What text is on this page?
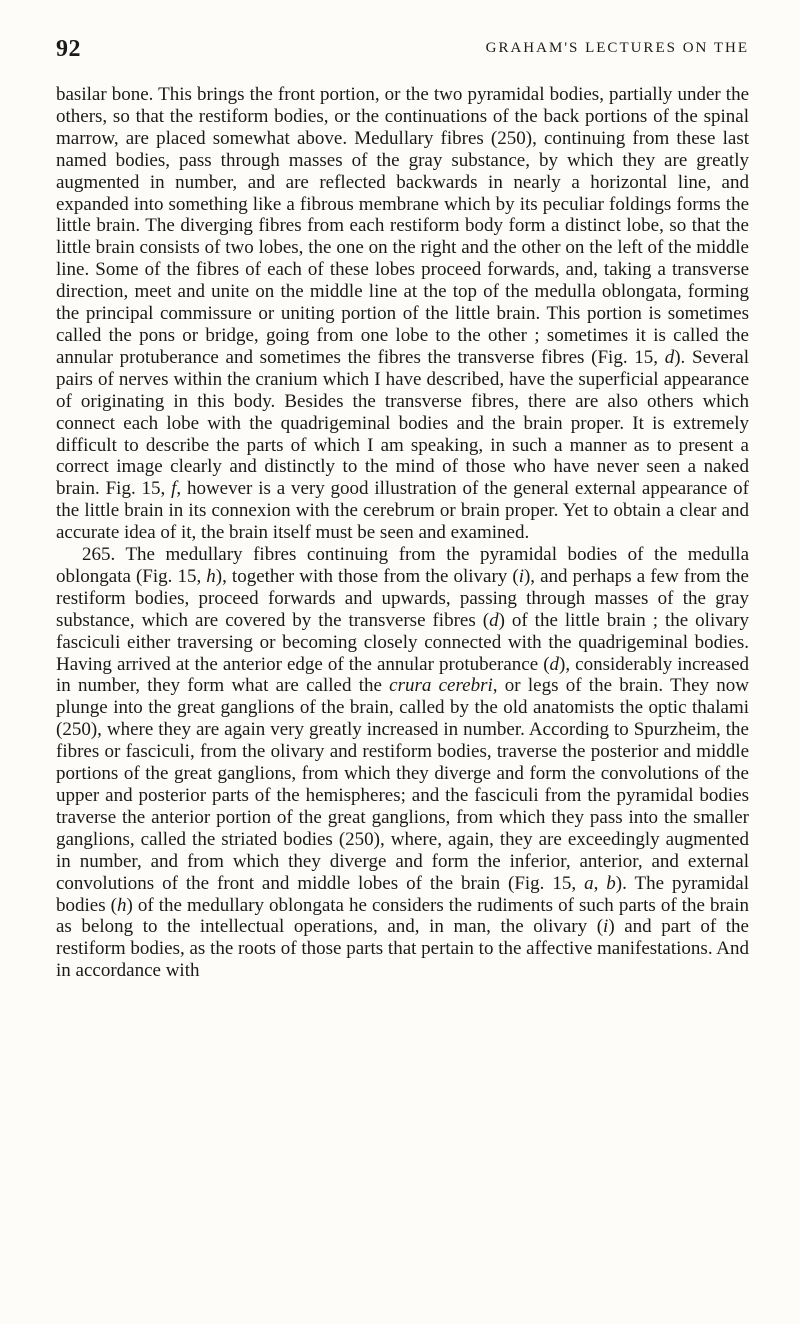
92	GRAHAM'S LECTURES ON THE

basilar bone. This brings the front portion, or the two pyramidal bodies, partially under the others, so that the restiform bodies, or the continuations of the back portions of the spinal marrow, are placed somewhat above. Medullary fibres (250), continuing from these last named bodies, pass through masses of the gray substance, by which they are greatly augmented in number, and are reflected backwards in nearly a horizontal line, and expanded into something like a fibrous membrane which by its peculiar foldings forms the little brain. The diverging fibres from each restiform body form a distinct lobe, so that the little brain consists of two lobes, the one on the right and the other on the left of the middle line. Some of the fibres of each of these lobes proceed forwards, and, taking a transverse direction, meet and unite on the middle line at the top of the medulla oblongata, forming the principal commissure or uniting portion of the little brain. This portion is sometimes called the pons or bridge, going from one lobe to the other ; sometimes it is called the annular protuberance and sometimes the fibres the transverse fibres (Fig. 15, d). Several pairs of nerves within the cranium which I have described, have the superficial appearance of originating in this body. Besides the transverse fibres, there are also others which connect each lobe with the quadrigeminal bodies and the brain proper. It is extremely difficult to describe the parts of which I am speaking, in such a manner as to present a correct image clearly and distinctly to the mind of those who have never seen a naked brain. Fig. 15, f, however is a very good illustration of the general external appearance of the little brain in its connexion with the cerebrum or brain proper. Yet to obtain a clear and accurate idea of it, the brain itself must be seen and examined.

265. The medullary fibres continuing from the pyramidal bodies of the medulla oblongata (Fig. 15, h), together with those from the olivary (i), and perhaps a few from the restiform bodies, proceed forwards and upwards, passing through masses of the gray substance, which are covered by the transverse fibres (d) of the little brain ; the olivary fasciculi either traversing or becoming closely connected with the quadrigeminal bodies. Having arrived at the anterior edge of the annular protuberance (d), considerably increased in number, they form what are called the crura cerebri, or legs of the brain. They now plunge into the great ganglions of the brain, called by the old anatomists the optic thalami (250), where they are again very greatly increased in number. According to Spurzheim, the fibres or fasciculi, from the olivary and restiform bodies, traverse the posterior and middle portions of the great ganglions, from which they diverge and form the convolutions of the upper and posterior parts of the hemispheres; and the fasciculi from the pyramidal bodies traverse the anterior portion of the great ganglions, from which they pass into the smaller ganglions, called the striated bodies (250), where, again, they are exceedingly augmented in number, and from which they diverge and form the inferior, anterior, and external convolutions of the front and middle lobes of the brain (Fig. 15, a, b). The pyramidal bodies (h) of the medullary oblongata he considers the rudiments of such parts of the brain as belong to the intellectual operations, and, in man, the olivary (i) and part of the restiform bodies, as the roots of those parts that pertain to the affective manifestations. And in accordance with
